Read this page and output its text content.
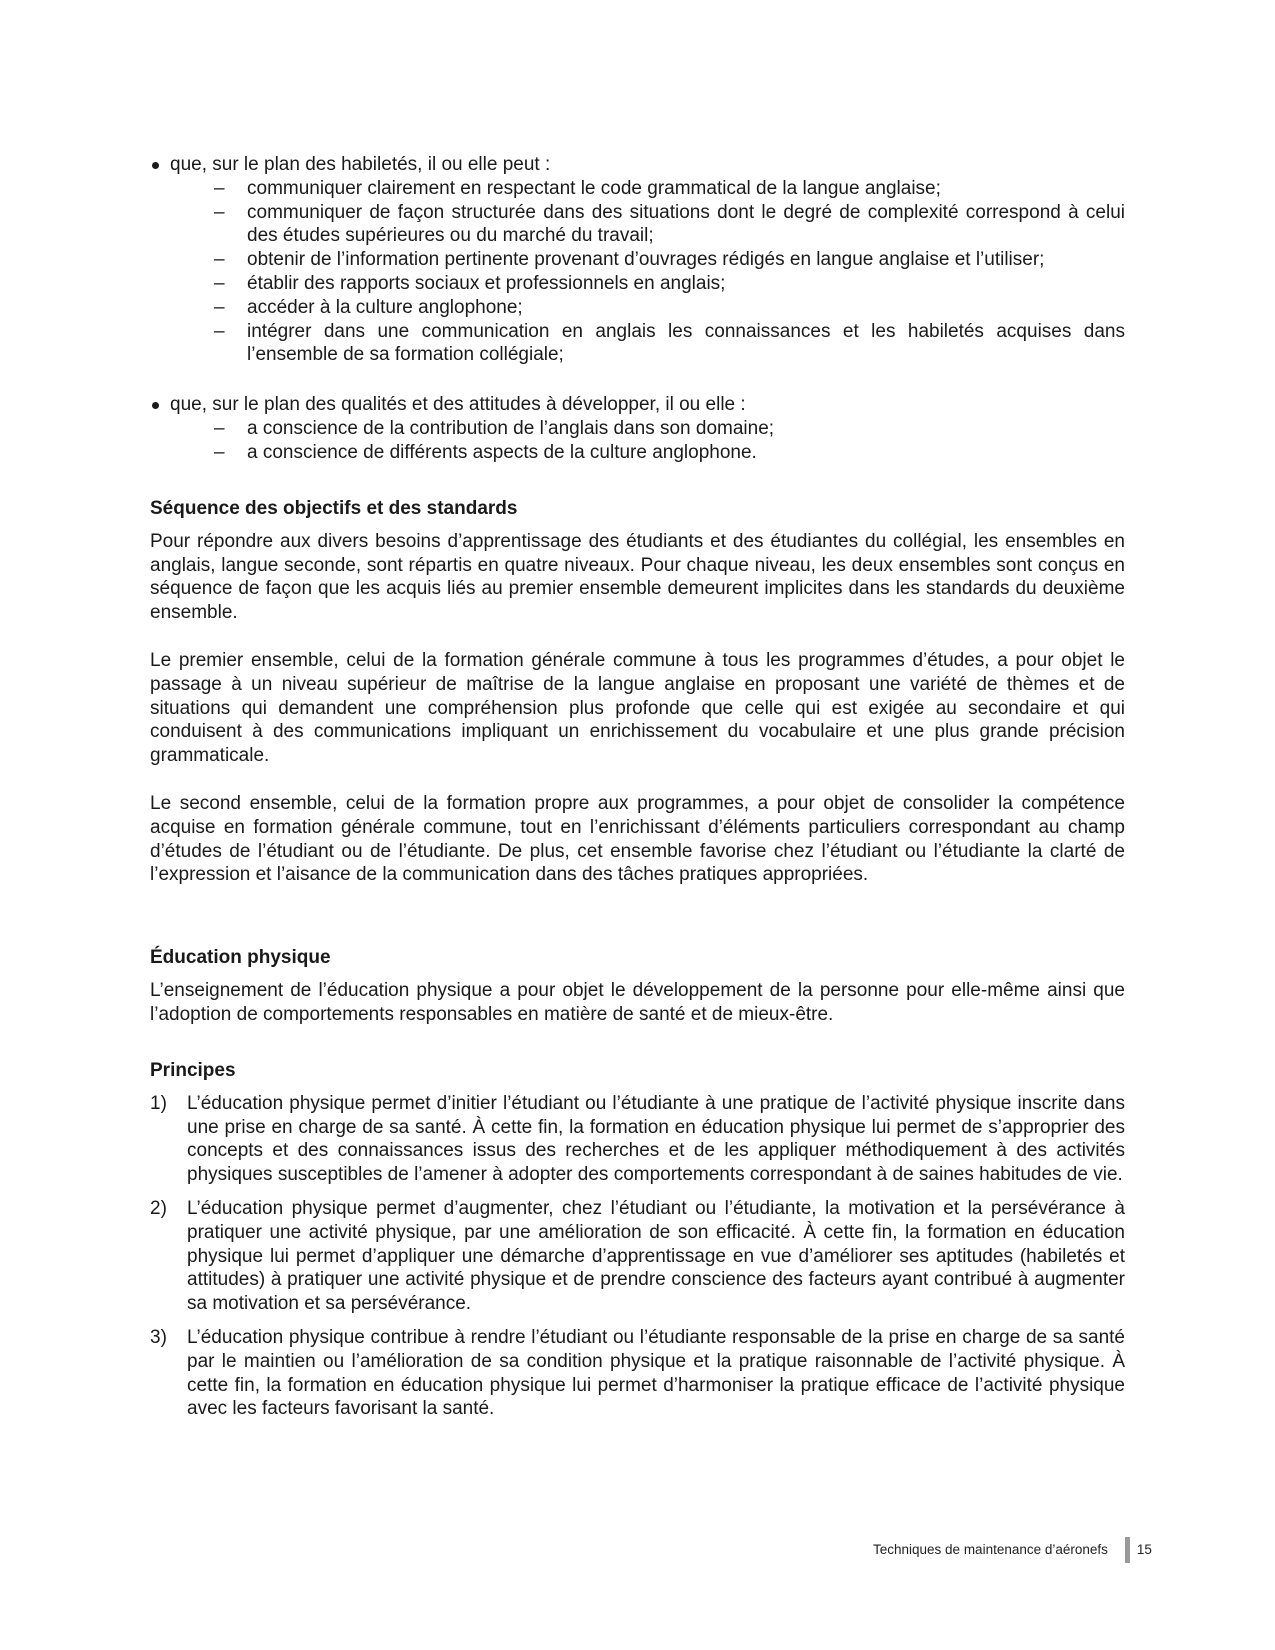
que, sur le plan des habiletés, il ou elle peut :
– communiquer clairement en respectant le code grammatical de la langue anglaise;
– communiquer de façon structurée dans des situations dont le degré de complexité correspond à celui des études supérieures ou du marché du travail;
– obtenir de l’information pertinente provenant d’ouvrages rédigés en langue anglaise et l’utiliser;
– établir des rapports sociaux et professionnels en anglais;
– accéder à la culture anglophone;
– intégrer dans une communication en anglais les connaissances et les habiletés acquises dans l’ensemble de sa formation collégiale;
que, sur le plan des qualités et des attitudes à développer, il ou elle :
– a conscience de la contribution de l’anglais dans son domaine;
– a conscience de différents aspects de la culture anglophone.
Séquence des objectifs et des standards

Pour répondre aux divers besoins d’apprentissage des étudiants et des étudiantes du collégial, les ensembles en anglais, langue seconde, sont répartis en quatre niveaux. Pour chaque niveau, les deux ensembles sont conçus en séquence de façon que les acquis liés au premier ensemble demeurent implicites dans les standards du deuxième ensemble.

Le premier ensemble, celui de la formation générale commune à tous les programmes d’études, a pour objet le passage à un niveau supérieur de maîtrise de la langue anglaise en proposant une variété de thèmes et de situations qui demandent une compréhension plus profonde que celle qui est exigée au secondaire et qui conduisent à des communications impliquant un enrichissement du vocabulaire et une plus grande précision grammaticale.

Le second ensemble, celui de la formation propre aux programmes, a pour objet de consolider la compétence acquise en formation générale commune, tout en l’enrichissant d’éléments particuliers correspondant au champ d’études de l’étudiant ou de l’étudiante. De plus, cet ensemble favorise chez l’étudiant ou l’étudiante la clarté de l’expression et l’aisance de la communication dans des tâches pratiques appropriées.

Éducation physique

L’enseignement de l’éducation physique a pour objet le développement de la personne pour elle-même ainsi que l’adoption de comportements responsables en matière de santé et de mieux-être.

Principes
1) L’éducation physique permet d’initier l’étudiant ou l’étudiante à une pratique de l’activité physique inscrite dans une prise en charge de sa santé. À cette fin, la formation en éducation physique lui permet de s’approprier des concepts et des connaissances issus des recherches et de les appliquer méthodiquement à des activités physiques susceptibles de l’amener à adopter des comportements correspondant à de saines habitudes de vie.
2) L’éducation physique permet d’augmenter, chez l’étudiant ou l’étudiante, la motivation et la persévérance à pratiquer une activité physique, par une amélioration de son efficacité. À cette fin, la formation en éducation physique lui permet d’appliquer une démarche d’apprentissage en vue d’améliorer ses aptitudes (habiletés et attitudes) à pratiquer une activité physique et de prendre conscience des facteurs ayant contribué à augmenter sa motivation et sa persévérance.
3) L’éducation physique contribue à rendre l’étudiant ou l’étudiante responsable de la prise en charge de sa santé par le maintien ou l’amélioration de sa condition physique et la pratique raisonnable de l’activité physique. À cette fin, la formation en éducation physique lui permet d’harmoniser la pratique efficace de l’activité physique avec les facteurs favorisant la santé.
Techniques de maintenance d’aéronefs 15
